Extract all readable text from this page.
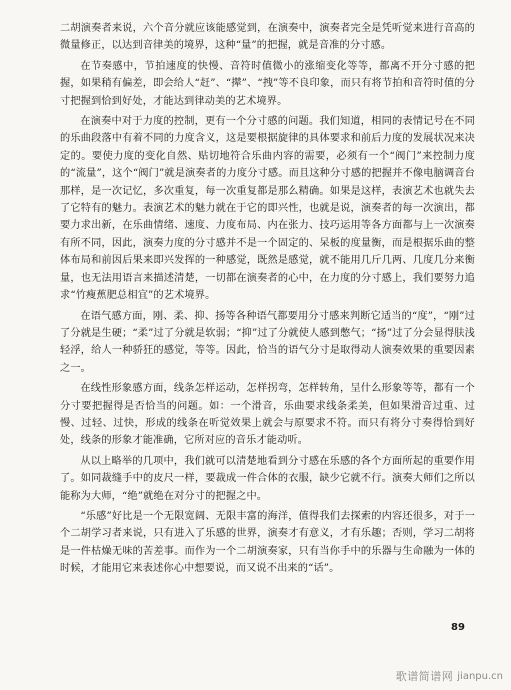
二胡演奏者来说，六个音分就应该能感觉到，在演奏中，演奏者完全是凭听觉来进行音高的微量修正，以达到音律美的境界，这种“量”的把握，就是音准的分寸感。

在节奏感中，节拍速度的快慢、音符时值微小的涨缩变化等等，都离不开分寸感的把握，如果稍有偏差，即会给人“赶”、“撵”、“拽”等不良印象，而只有将节拍和音符时值的分寸把握到恰到好处，才能达到律动美的艺术境界。

在演奏中对于力度的控制，更有一个分寸感的问题。我们知道，相同的表情记号在不同的乐曲段落中有着不同的力度含义，这是要根据旋律的具体要求和前后力度的发展状况来决定的。要使力度的变化自然、贴切地符合乐曲内容的需要，必须有一个“阀门”来控制力度的“流量”，这个“阀门”就是演奏者的力度分寸感。而且这种分寸感的把握并不像电脑调音台那样，是一次记忆，多次重复，每一次重复都是那么精确。如果是这样，表演艺术也就失去了它特有的魅力。表演艺术的魅力就在于它的即兴性，也就是说，演奏者的每一次演出，都要力求出新，在乐曲情绪、速度、力度布局、内在张力、技巧运用等各方面都与上一次演奏有所不同，因此，演奏力度的分寸感并不是一个固定的、呆板的度量衡，而是根据乐曲的整体布局和前因后果来即兴发挥的一种感觉，既然是感觉，就不能用几斤几两、几度几分来衡量，也无法用语言来描述清楚，一切都在演奏者的心中，在力度的分寸感上，我们要努力追求“竹瘦蕉肥总相宜”的艺术境界。

在语气感方面，刚、柔、抑、扬等各种语气都要用分寸感来判断它适当的“度”，“刚”过了分就是生硬；“柔”过了分就是软弱；“抑”过了分就使人感到憋气；“扬”过了分会显得肤浅轻浮，给人一种骄狂的感觉，等等。因此，恰当的语气分寸是取得动人演奏效果的重要因素之一。

在线性形象感方面，线条怎样运动，怎样拐弯，怎样转角，呈什么形象等等，都有一个分寸要把握得是否恰当的问题。如：一个滑音，乐曲要求线条柔美，但如果滑音过重、过慢、过轻、过快，形成的线条在听觉效果上就会与原要求不符。而只有将分寸奏得恰到好处，线条的形象才能准确，它所对应的音乐才能动听。

从以上略举的几项中，我们就可以清楚地看到分寸感在乐感的各个方面所起的重要作用了。如同裁缝手中的皮尺一样，要裁成一件合体的衣服，缺少它就不行。演奏大师们之所以能称为大师，“绝”就绝在对分寸的把握之中。

“乐感”好比是一个无限宽阔、无限丰富的海洋，值得我们去探索的内容还很多，对于一个二胡学习者来说，只有进入了乐感的世界，演奏才有意义，才有乐趣；否则，学习二胡将是一件枯燥无味的苦差事。而作为一个二胡演奏家，只有当你手中的乐器与生命融为一体的时候，才能用它来表述你心中想要说，而又说不出来的“话”。

89
歌谱简谱网 jianpu.cn
